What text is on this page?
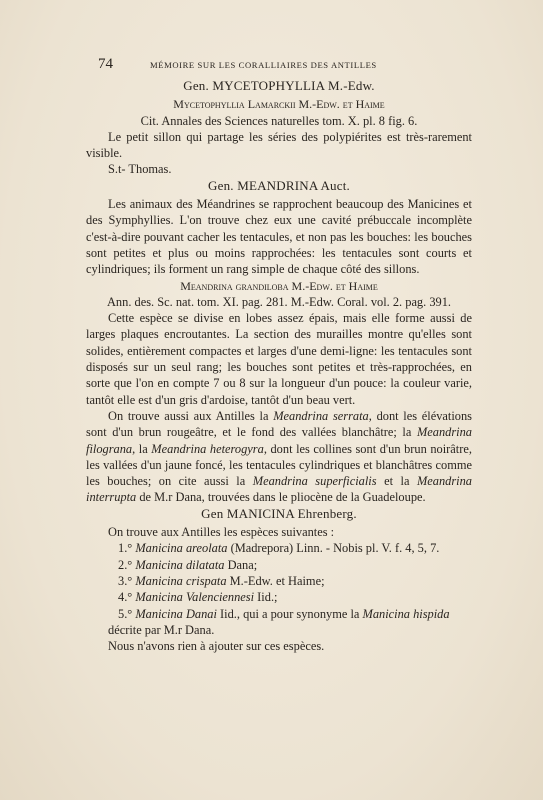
74	MÉMOIRE SUR LES CORALLIAIRES DES ANTILLES

Gen. MYCETOPHYLLIA M.-Edw.

Mycetophyllia Lamarckii M.-Edw. et Haime

Cit. Annales des Sciences naturelles tom. X. pl. 8 fig. 6.

Le petit sillon qui partage les séries des polypiérites est très-rarement visible.

S.t- Thomas.

Gen. MEANDRINA Auct.

Les animaux des Méandrines se rapprochent beaucoup des Manicines et des Symphyllies. L'on trouve chez eux une cavité prébuccale incomplète c'est-à-dire pouvant cacher les tentacules, et non pas les bouches: les bouches sont petites et plus ou moins rapprochées: les tentacules sont courts et cylindriques; ils forment un rang simple de chaque côté des sillons.

Meandrina grandiloba M.-Edw. et Haime

Ann. des. Sc. nat. tom. XI. pag. 281. M.-Edw. Coral. vol. 2. pag. 391.

Cette espèce se divise en lobes assez épais, mais elle forme aussi de larges plaques encroutantes. La section des murailles montre qu'elles sont solides, entièrement compactes et larges d'une demi-ligne: les tentacules sont disposés sur un seul rang; les bouches sont petites et très-rapprochées, en sorte que l'on en compte 7 ou 8 sur la longueur d'un pouce: la couleur varie, tantôt elle est d'un gris d'ardoise, tantôt d'un beau vert.

On trouve aussi aux Antilles la Meandrina serrata, dont les élévations sont d'un brun rougeâtre, et le fond des vallées blanchâtre; la Meandrina filograna, la Meandrina heterogyra, dont les collines sont d'un brun noirâtre, les vallées d'un jaune foncé, les tentacules cylindriques et blanchâtres comme les bouches; on cite aussi la Meandrina superficialis et la Meandrina interrupta de M.r Dana, trouvées dans le pliocène de la Guadeloupe.

Gen MANICINA Ehrenberg.

On trouve aux Antilles les espèces suivantes :

1.° Manicina areolata (Madrepora) Linn. - Nobis pl. V. f. 4, 5, 7.

2.° Manicina dilatata Dana;

3.° Manicina crispata M.-Edw. et Haime;

4.° Manicina Valenciennesi Iid.;

5.° Manicina Danai Iid., qui a pour synonyme la Manicina hispida

décrite par M.r Dana.

Nous n'avons rien à ajouter sur ces espèces.
